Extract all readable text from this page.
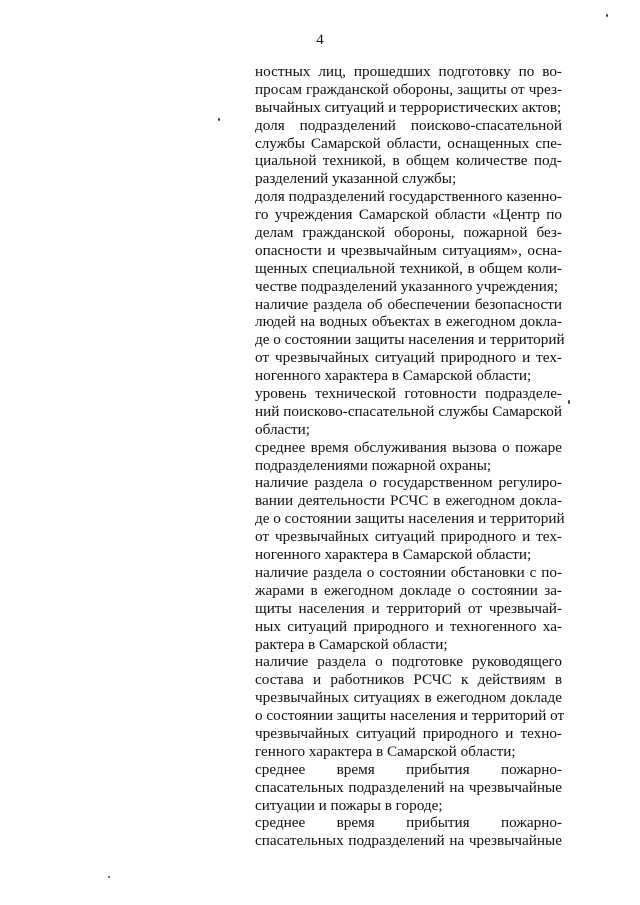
4
ностных лиц, прошедших подготовку по во-
просам гражданской обороны, защиты от чрез-
вычайных ситуаций и террористических актов;
доля подразделений поисково-спасательной
службы Самарской области, оснащенных спе-
циальной техникой, в общем количестве под-
разделений указанной службы;
доля подразделений государственного казенно-
го учреждения Самарской области «Центр по
делам гражданской обороны, пожарной без-
опасности и чрезвычайным ситуациям», осна-
щенных специальной техникой, в общем коли-
честве подразделений указанного учреждения;
наличие раздела об обеспечении безопасности
людей на водных объектах в ежегодном докла-
де о состоянии защиты населения и территорий
от чрезвычайных ситуаций природного и тех-
ногенного характера в Самарской области;
уровень технической готовности подразделе-
ний поисково-спасательной службы Самарской
области;
среднее время обслуживания вызова о пожаре
подразделениями пожарной охраны;
наличие раздела о государственном регулиро-
вании деятельности РСЧС в ежегодном докла-
де о состоянии защиты населения и территорий
от чрезвычайных ситуаций природного и тех-
ногенного характера в Самарской области;
наличие раздела о состоянии обстановки с по-
жарами в ежегодном докладе о состоянии за-
щиты населения и территорий от чрезвычай-
ных ситуаций природного и техногенного ха-
рактера в Самарской области;
наличие раздела о подготовке руководящего
состава и работников РСЧС к действиям в
чрезвычайных ситуациях в ежегодном докладе
о состоянии защиты населения и территорий от
чрезвычайных ситуаций природного и техно-
генного характера в Самарской области;
среднее время прибытия пожарно-
спасательных подразделений на чрезвычайные
ситуации и пожары в городе;
среднее время прибытия пожарно-
спасательных подразделений на чрезвычайные
